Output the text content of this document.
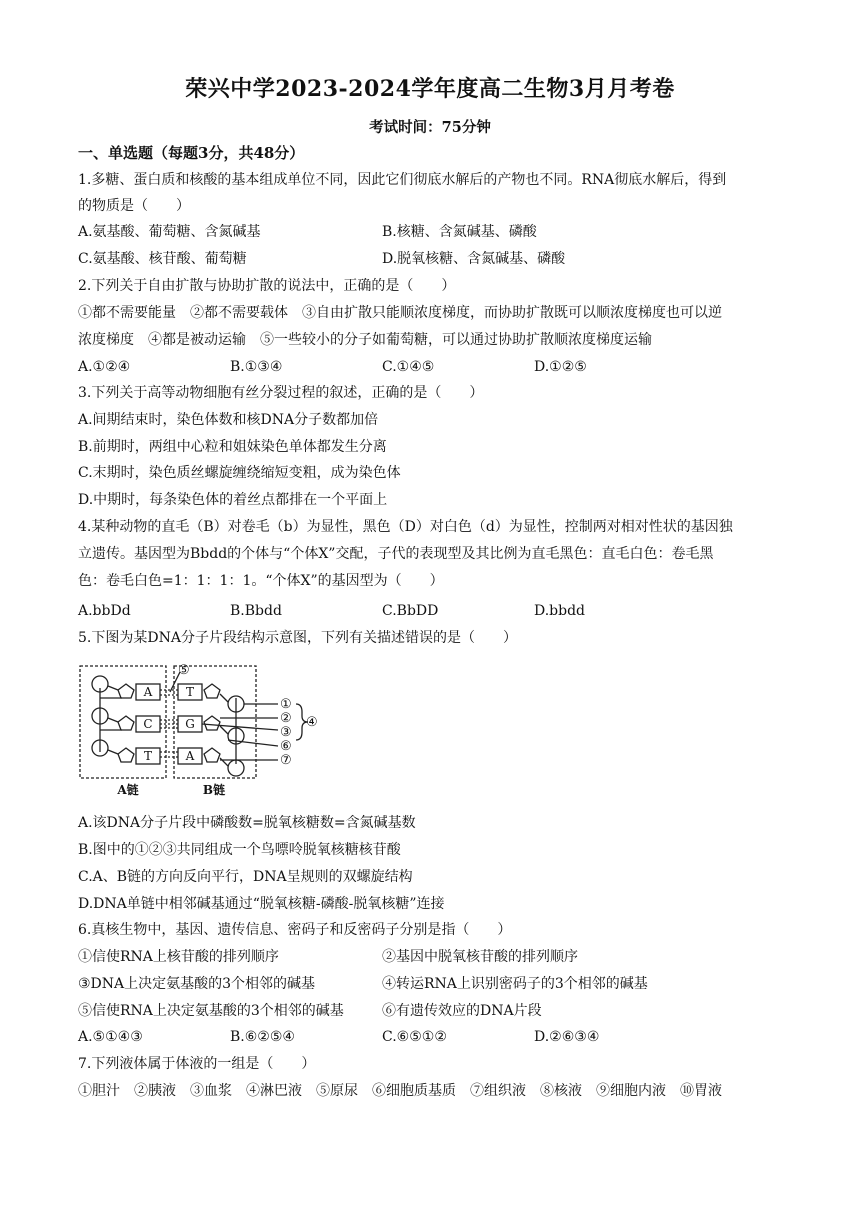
荣兴中学2023-2024学年度高二生物3月月考卷
考试时间：75分钟
一、单选题（每题3分，共48分）
1.多糖、蛋白质和核酸的基本组成单位不同，因此它们彻底水解后的产物也不同。RNA彻底水解后，得到
的物质是（　　）
A.氨基酸、葡萄糖、含氮碱基	B.核糖、含氮碱基、磷酸
C.氨基酸、核苷酸、葡萄糖	D.脱氧核糖、含氮碱基、磷酸
2.下列关于自由扩散与协助扩散的说法中，正确的是（　　）
①都不需要能量　②都不需要载体　③自由扩散只能顺浓度梯度，而协助扩散既可以顺浓度梯度也可以逆
浓度梯度　④都是被动运输　⑤一些较小的分子如葡萄糖，可以通过协助扩散顺浓度梯度运输
A.①②④	B.①③④	C.①④⑤	D.①②⑤
3.下列关于高等动物细胞有丝分裂过程的叙述，正确的是（　　）
A.间期结束时，染色体数和核DNA分子数都加倍
B.前期时，两组中心粒和姐妹染色单体都发生分离
C.末期时，染色质丝螺旋缠绕缩短变粗，成为染色体
D.中期时，每条染色体的着丝点都排在一个平面上
4.某种动物的直毛（B）对卷毛（b）为显性，黑色（D）对白色（d）为显性，控制两对相对性状的基因独
立遗传。基因型为Bbdd的个体与“个体X”交配，子代的表现型及其比例为直毛黑色：直毛白色：卷毛黑
色：卷毛白色=1：1：1：1。“个体X”的基因型为（　　）
A.bbDd	B.Bbdd	C.BbDD	D.bbdd
5.下图为某DNA分子片段结构示意图，下列有关描述错误的是（　　）
A	T
C	G
T	A
⑤
①
②
③
④
⑥
⑦
A链	B链
A.该DNA分子片段中磷酸数=脱氧核糖数=含氮碱基数
B.图中的①②③共同组成一个鸟嘌呤脱氧核糖核苷酸
C.A、B链的方向反向平行，DNA呈规则的双螺旋结构
D.DNA单链中相邻碱基通过“脱氧核糖-磷酸-脱氧核糖”连接
6.真核生物中，基因、遗传信息、密码子和反密码子分别是指（　　）
①信使RNA上核苷酸的排列顺序	②基因中脱氧核苷酸的排列顺序
③DNA上决定氨基酸的3个相邻的碱基	④转运RNA上识别密码子的3个相邻的碱基
⑤信使RNA上决定氨基酸的3个相邻的碱基	⑥有遗传效应的DNA片段
A.⑤①④③	B.⑥②⑤④	C.⑥⑤①②	D.②⑥③④
7.下列液体属于体液的一组是（　　）
①胆汁　②胰液　③血浆　④淋巴液　⑤原尿　⑥细胞质基质　⑦组织液　⑧核液　⑨细胞内液　⑩胃液
